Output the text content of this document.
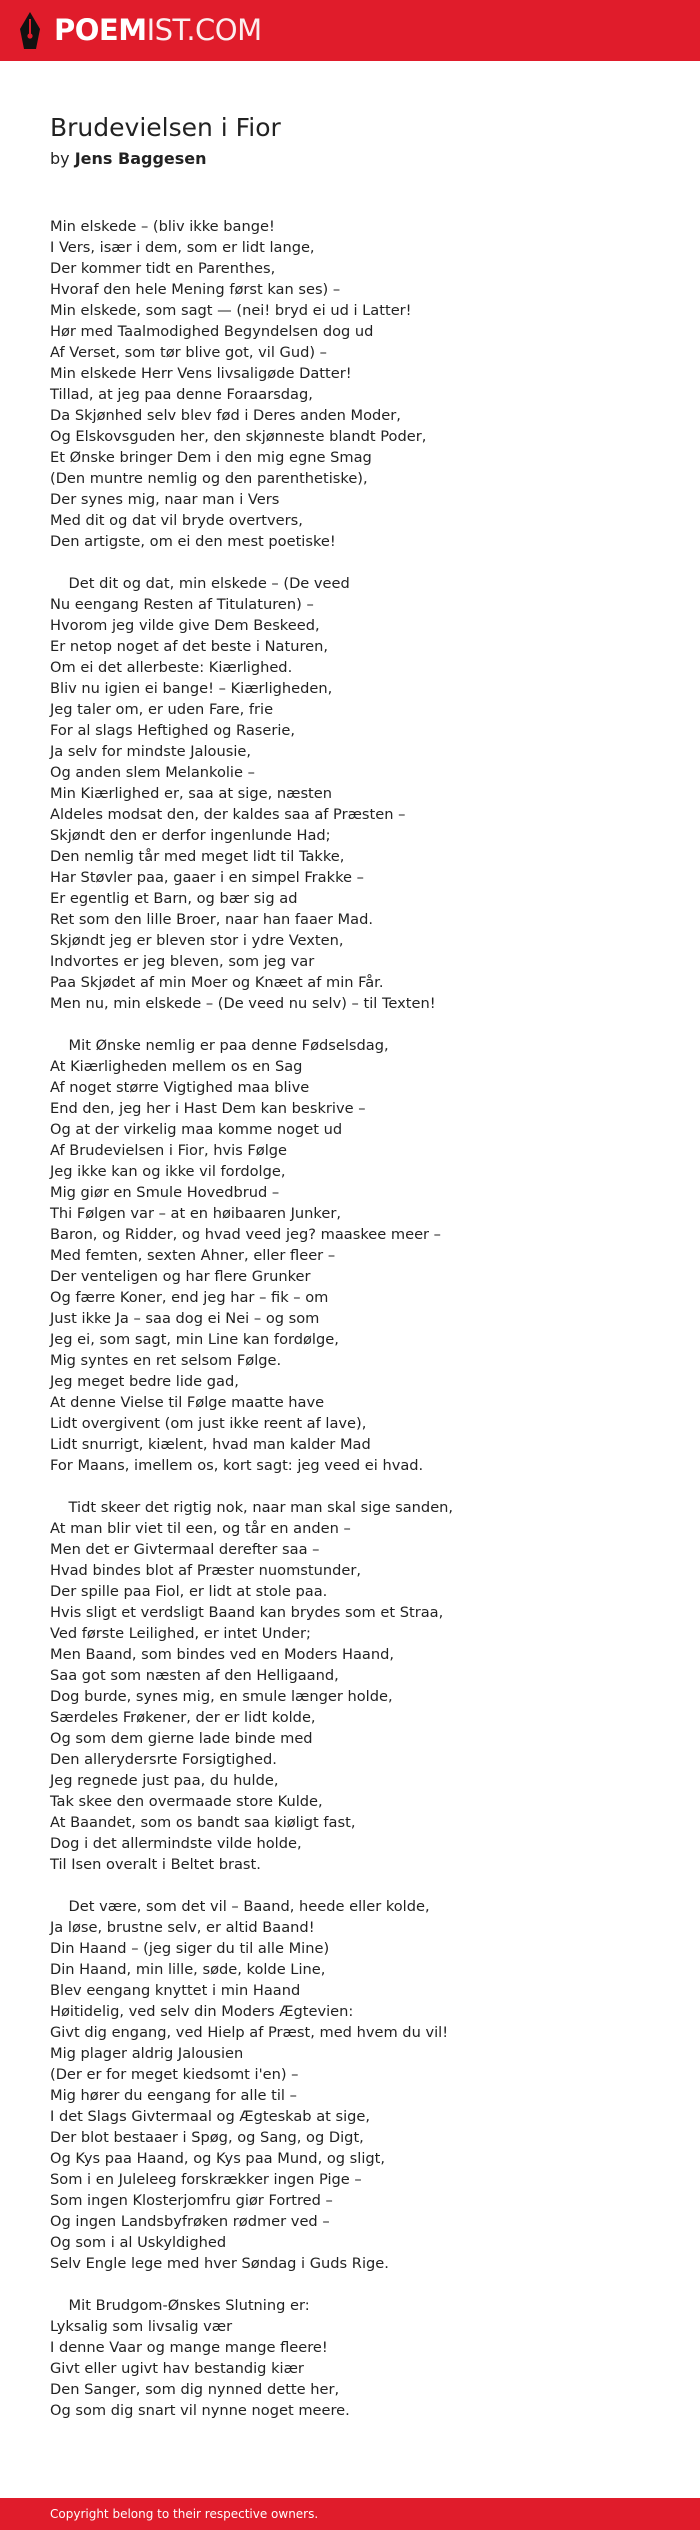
POEMIST.COM
Brudevielsen i Fior
by Jens Baggesen
Min elskede – (bliv ikke bange!
I Vers, især i dem, som er lidt lange,
Der kommer tidt en Parenthes,
Hvoraf den hele Mening først kan ses) –
Min elskede, som sagt — (nei! bryd ei ud i Latter!
Hør med Taalmodighed Begyndelsen dog ud
Af Verset, som tør blive got, vil Gud) –
Min elskede Herr Vens livsaligøde Datter!
Tillad, at jeg paa denne Foraarsdag,
Da Skjønhed selv blev fød i Deres anden Moder,
Og Elskovsguden her, den skjønneste blandt Poder,
Et Ønske bringer Dem i den mig egne Smag
(Den muntre nemlig og den parenthetiske),
Der synes mig, naar man i Vers
Med dit og dat vil bryde overtvers,
Den artigste, om ei den mest poetiske!
Det dit og dat, min elskede – (De veed
Nu eengang Resten af Titulaturen) –
Hvorom jeg vilde give Dem Beskeed,
Er netop noget af det beste i Naturen,
Om ei det allerbeste: Kiærlighed.
Bliv nu igien ei bange! – Kiærligheden,
Jeg taler om, er uden Fare, frie
For al slags Heftighed og Raserie,
Ja selv for mindste Jalousie,
Og anden slem Melankolie –
Min Kiærlighed er, saa at sige, næsten
Aldeles modsat den, der kaldes saa af Præsten –
Skjøndt den er derfor ingenlunde Had;
Den nemlig tår med meget lidt til Takke,
Har Støvler paa, gaaer i en simpel Frakke –
Er egentlig et Barn, og bær sig ad
Ret som den lille Broer, naar han faaer Mad.
Skjøndt jeg er bleven stor i ydre Vexten,
Indvortes er jeg bleven, som jeg var
Paa Skjødet af min Moer og Knæet af min Får.
Men nu, min elskede – (De veed nu selv) – til Texten!
Mit Ønske nemlig er paa denne Fødselsdag,
At Kiærligheden mellem os en Sag
Af noget større Vigtighed maa blive
End den, jeg her i Hast Dem kan beskrive –
Og at der virkelig maa komme noget ud
Af Brudevielsen i Fior, hvis Følge
Jeg ikke kan og ikke vil fordolge,
Mig giør en Smule Hovedbrud –
Thi Følgen var – at en høibaaren Junker,
Baron, og Ridder, og hvad veed jeg? maaskee meer –
Med femten, sexten Ahner, eller fleer –
Der venteligen og har flere Grunker
Og færre Koner, end jeg har – fik – om
Just ikke Ja – saa dog ei Nei – og som
Jeg ei, som sagt, min Line kan fordølge,
Mig syntes en ret selsom Følge.
Jeg meget bedre lide gad,
At denne Vielse til Følge maatte have
Lidt overgivent (om just ikke reent af lave),
Lidt snurrigt, kiælent, hvad man kalder Mad
For Maans, imellem os, kort sagt: jeg veed ei hvad.
Tidt skeer det rigtig nok, naar man skal sige sanden,
At man blir viet til een, og tår en anden –
Men det er Givtermaal derefter saa –
Hvad bindes blot af Præster nuomstunder,
Der spille paa Fiol, er lidt at stole paa.
Hvis sligt et verdsligt Baand kan brydes som et Straa,
Ved første Leilighed, er intet Under;
Men Baand, som bindes ved en Moders Haand,
Saa got som næsten af den Helligaand,
Dog burde, synes mig, en smule længer holde,
Særdeles Frøkener, der er lidt kolde,
Og som dem gierne lade binde med
Den allerydersrte Forsigtighed.
Jeg regnede just paa, du hulde,
Tak skee den overmaade store Kulde,
At Baandet, som os bandt saa kiøligt fast,
Dog i det allermindste vilde holde,
Til Isen overalt i Beltet brast.
Det være, som det vil – Baand, heede eller kolde,
Ja løse, brustne selv, er altid Baand!
Din Haand – (jeg siger du til alle Mine)
Din Haand, min lille, søde, kolde Line,
Blev eengang knyttet i min Haand
Høitidelig, ved selv din Moders Ægtevien:
Givt dig engang, ved Hielp af Præst, med hvem du vil!
Mig plager aldrig Jalousien
(Der er for meget kiedsomt i'en) –
Mig hører du eengang for alle til –
I det Slags Givtermaal og Ægteskab at sige,
Der blot bestaaer i Spøg, og Sang, og Digt,
Og Kys paa Haand, og Kys paa Mund, og sligt,
Som i en Juleleeg forskrækker ingen Pige –
Som ingen Klosterjomfru giør Fortred –
Og ingen Landsbyfrøken rødmer ved –
Og som i al Uskyldighed
Selv Engle lege med hver Søndag i Guds Rige.
Mit Brudgom-Ønskes Slutning er:
Lyksalig som livsalig vær
I denne Vaar og mange mange fleere!
Givt eller ugivt hav bestandig kiær
Den Sanger, som dig nynned dette her,
Og som dig snart vil nynne noget meere.
Copyright belong to their respective owners.
